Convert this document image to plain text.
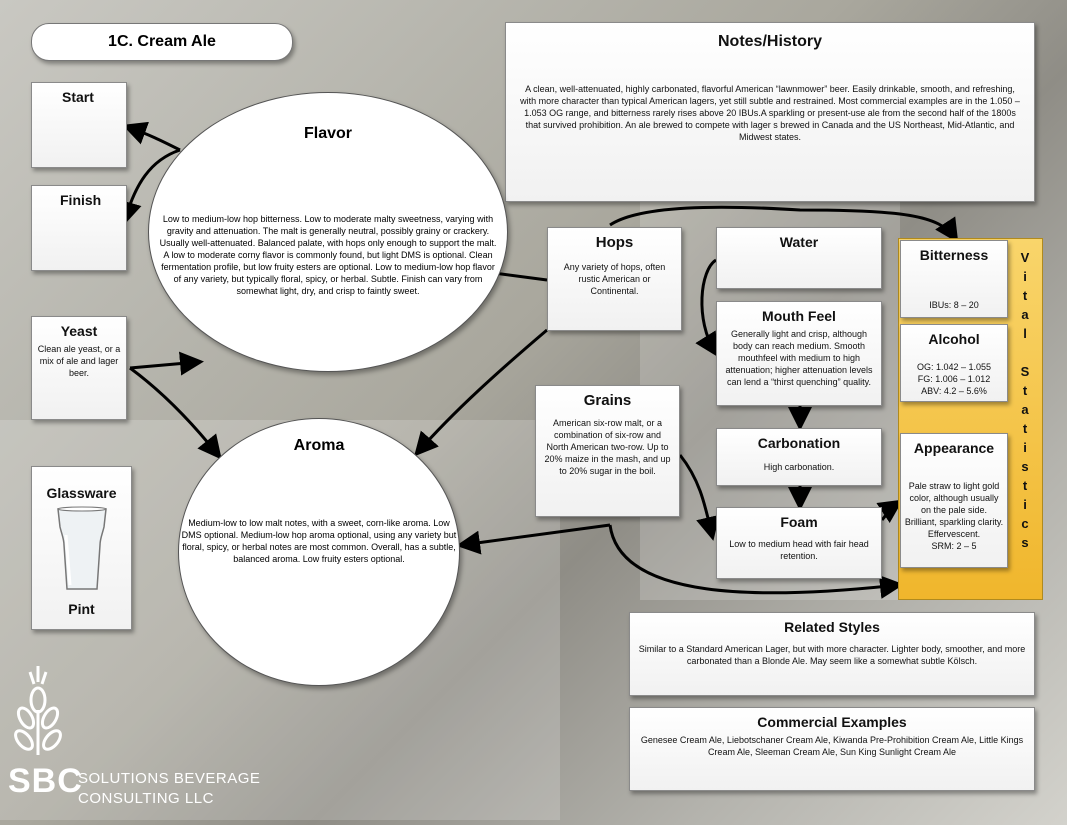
1C. Cream Ale	Notes/History

A clean, well-attenuated, highly carbonated, flavorful American “lawnmower” beer. Easily drinkable, smooth, and refreshing, with more character than typical American lagers, yet still subtle and restrained. Most commercial examples are in the 1.050 – 1.053 OG range, and bitterness rarely rises above 20 IBUs.A sparkling or present-use ale from the second half of the 1800s that survived prohibition. An ale brewed to compete with lager s brewed in Canada and the US Northeast, Mid-Atlantic, and Midwest states.

Start
Finish
Flavor

Low to medium-low hop bitterness. Low to moderate malty sweetness, varying with gravity and attenuation. The malt is generally neutral, possibly grainy or crackery. Usually well-attenuated. Balanced palate, with hops only enough to support the malt. A low to moderate corny flavor is commonly found, but light DMS is optional. Clean fermentation profile, but low fruity esters are optional. Low to medium-low hop flavor of any variety, but typically floral, spicy, or herbal. Subtle. Finish can vary from somewhat light, dry, and crisp to faintly sweet.

Yeast

Clean ale yeast, or a mix of ale and lager beer.

Aroma

Medium-low to low malt notes, with a sweet, corn-like aroma. Low DMS optional. Medium-low hop aroma optional, using any variety but floral, spicy, or herbal notes are most common. Overall, has a subtle, balanced aroma. Low fruity esters optional.

Glassware
Pint
Hops

Any variety of hops, often rustic American or Continental.

Grains

American six-row malt, or a combination of six-row and North American two-row. Up to 20% maize in the mash, and up to 20% sugar in the boil.

Water
Mouth Feel

Generally light and crisp, although body can reach medium. Smooth mouthfeel with medium to high attenuation; higher attenuation levels can lend a “thirst quenching” quality.

Carbonation

High carbonation.

Foam

Low to medium head with fair head retention.

V
i
t
a
l
S
t
a
t
i
s
t
i
c
s
Bitterness

IBUs: 8 – 20

Alcohol

OG: 1.042 – 1.055

FG: 1.006 – 1.012

ABV: 4.2 – 5.6%

Appearance

Pale straw to light gold color, although usually on the pale side. Brilliant, sparkling clarity. Effervescent.

SRM: 2 – 5

Related Styles

Similar to a Standard American Lager, but with more character. Lighter body, smoother, and more carbonated than a Blonde Ale. May seem like a somewhat subtle Kölsch.

Commercial Examples

Genesee Cream Ale, Liebotschaner Cream Ale, Kiwanda Pre-Prohibition Cream Ale, Little Kings Cream Ale, Sleeman Cream Ale, Sun King Sunlight Cream Ale

SBC
SOLUTIONS BEVERAGE
CONSULTING LLC
